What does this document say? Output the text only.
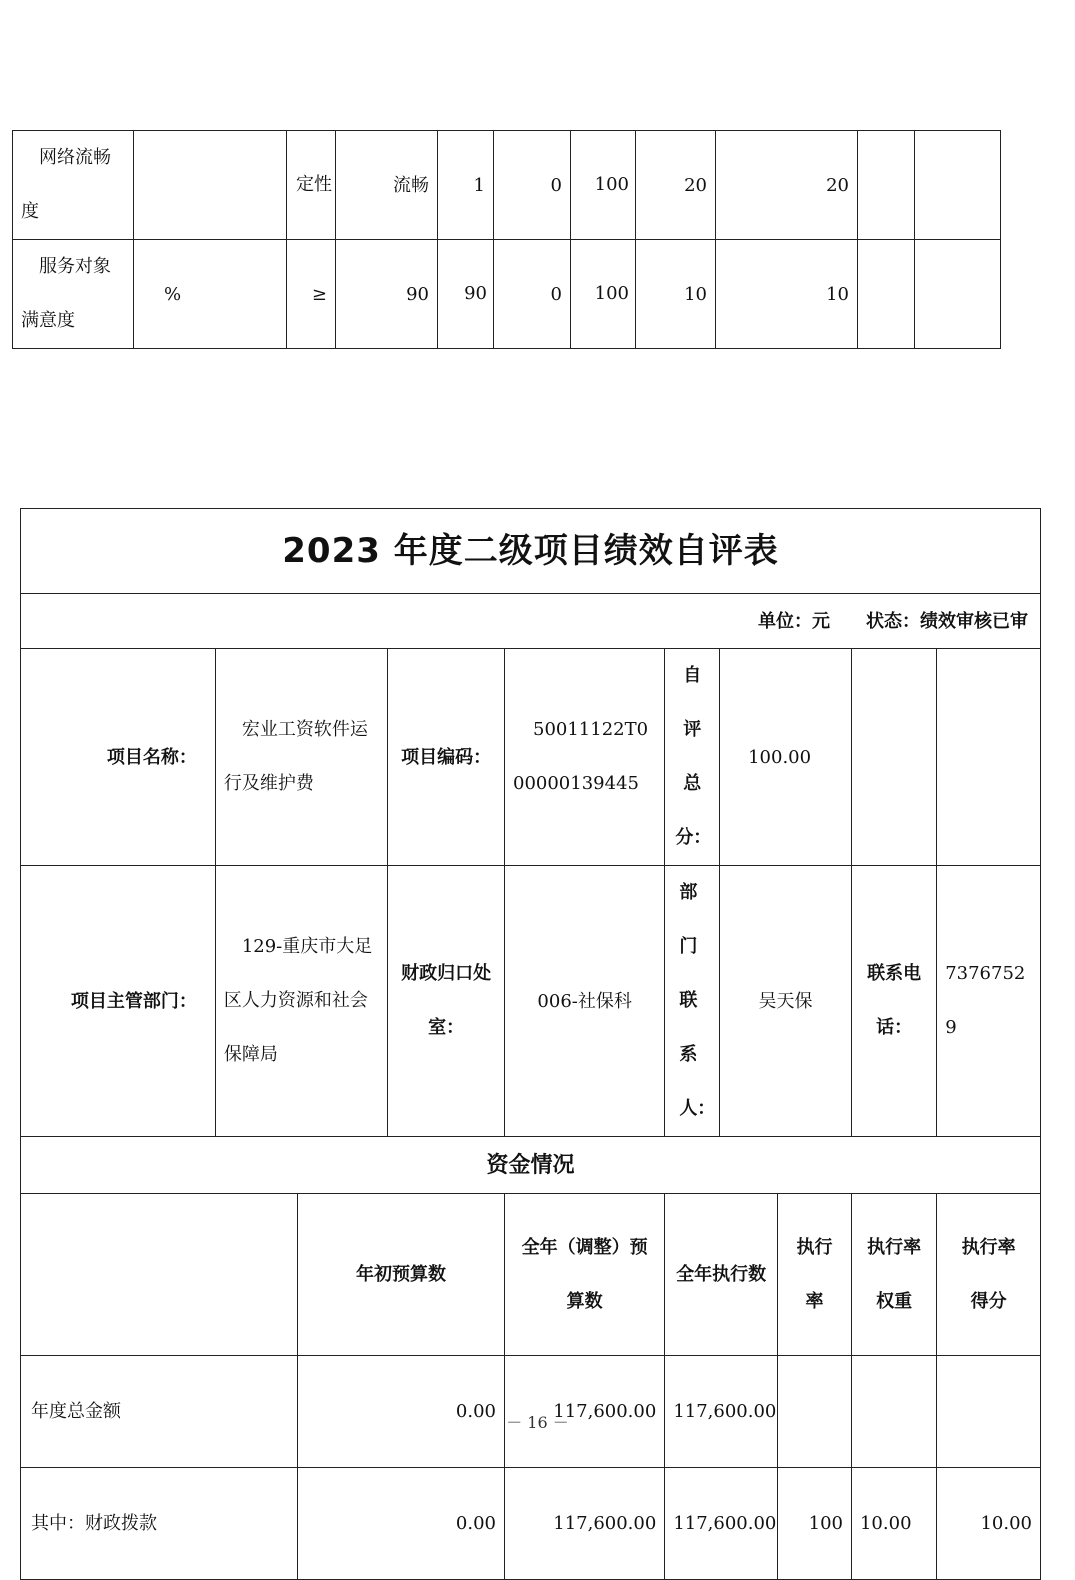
网络流畅度		定性	流畅	1	0	100	20	20		
服务对象满意度	%	≥	90	90	0	100	10	10		
2023 年度二级项目绩效自评表									
单位：元　　状态：绩效审核已审									
项目名称：	宏业工资软件运行及维护费		项目编码：	50011122T000000139445	自评总分：	100.00			
项目主管部门：	129-重庆市大足区人力资源和社会保障局		财政归口处室：	006-社保科	部门联系人：	吴天保		联系电话：	73767529
资金情况									
		年初预算数		全年（调整）预算数	全年执行数		执行率	执行率权重	执行率得分
年度总金额		0.00		117,600.00	117,600.00				
其中：财政拨款		0.00		117,600.00	117,600.00		100	10.00	10.00
－ 16 －
